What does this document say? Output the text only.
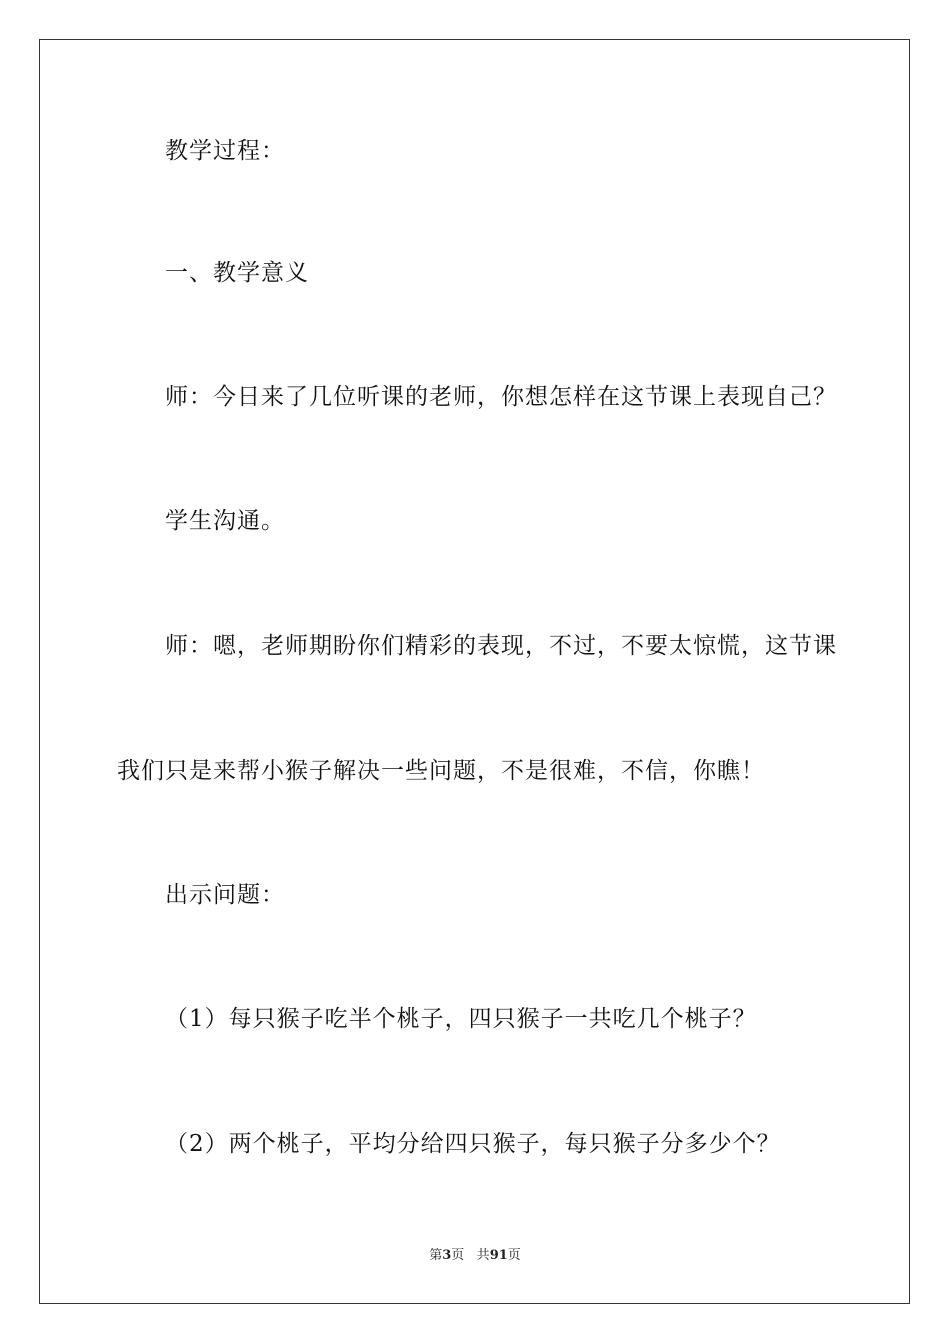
教学过程：
一、教学意义
师：今日来了几位听课的老师，你想怎样在这节课上表现自己？
学生沟通。
师：嗯，老师期盼你们精彩的表现，不过，不要太惊慌，这节课
我们只是来帮小猴子解决一些问题，不是很难，不信，你瞧！
出示问题：
（1）每只猴子吃半个桃子，四只猴子一共吃几个桃子？
（2）两个桃子，平均分给四只猴子，每只猴子分多少个？
第3页 共91页
